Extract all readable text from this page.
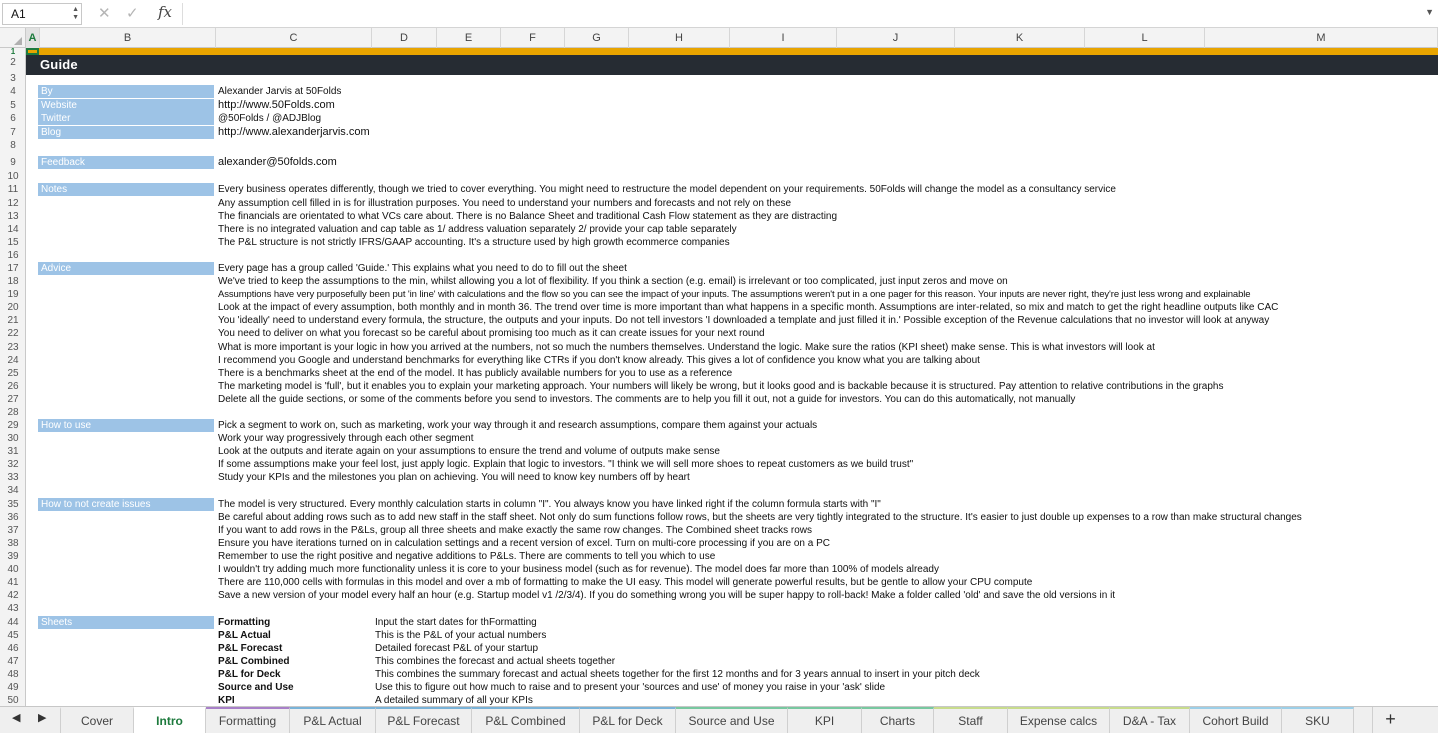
A1	▲
▼ ✕ ✓ fx	▼
A	B	C	D	E	F	G	H	I	J	K	L	M
1
2
3
4
5
6
7
8
9
10
11
12
13
14
15
16
17
18
19
20
21
22
23
24
25
26
27
28
29
30
31
32
33
34
35
36
37
38
39
40
41
42
43
44
45
46
47
48
49
50
Guide
By	Alexander Jarvis at 50Folds
Website	http://www.50Folds.com
Twitter	@50Folds / @ADJBlog
Blog	http://www.alexanderjarvis.com
Feedback	alexander@50folds.com
Notes	Every business operates differently, though we tried to cover everything. You might need to restructure the model dependent on your requirements. 50Folds will change the model as a consultancy service
Any assumption cell filled in is for illustration purposes. You need to understand your numbers and forecasts and not rely on these
The financials are orientated to what VCs care about. There is no Balance Sheet and traditional Cash Flow statement as they are distracting
There is no integrated valuation and cap table as 1/ address valuation separately 2/ provide your cap table separately
The P&L structure is not strictly IFRS/GAAP accounting. It's a structure used by high growth ecommerce companies
Advice	Every page has a group called 'Guide.' This explains what you need to do to fill out the sheet
We've tried to keep the assumptions to the min, whilst allowing you a lot of flexibility. If you think a section (e.g. email) is irrelevant or too complicated, just input zeros and move on
Assumptions have very purposefully been put 'in line' with calculations and the flow so you can see the impact of your inputs. The assumptions weren't put in a one pager for this reason. Your inputs are never right, they're just less wrong and explainable
Look at the impact of every assumption, both monthly and in month 36. The trend over time is more important than what happens in a specific month. Assumptions are inter-related, so mix and match to get the right headline outputs like CAC
You 'ideally' need to understand every formula, the structure, the outputs and your inputs. Do not tell investors 'I downloaded a template and just filled it in.' Possible exception of the Revenue calculations that no investor will look at anyway
You need to deliver on what you forecast so be careful about promising too much as it can create issues for your next round
What is more important is your logic in how you arrived at the numbers, not so much the numbers themselves. Understand the logic. Make sure the ratios (KPI sheet) make sense. This is what investors will look at
I recommend you Google and understand benchmarks for everything like CTRs if you don't know already. This gives a lot of confidence you know what you are talking about
There is a benchmarks sheet at the end of the model. It has publicly available numbers for you to use as a reference
The marketing model is 'full', but it enables you to explain your marketing approach. Your numbers will likely be wrong, but it looks good and is backable because it is structured. Pay attention to relative contributions in the graphs
Delete all the guide sections, or some of the comments before you send to investors. The comments are to help you fill it out, not a guide for investors. You can do this automatically, not manually
How to use	Pick a segment to work on, such as marketing, work your way through it and research assumptions, compare them against your actuals
Work your way progressively through each other segment
Look at the outputs and iterate again on your assumptions to ensure the trend and volume of outputs make sense
If some assumptions make your feel lost, just apply logic. Explain that logic to investors. "I think we will sell more shoes to repeat customers as we build trust"
Study your KPIs and the milestones you plan on achieving. You will need to know key numbers off by heart
How to not create issues	The model is very structured. Every monthly calculation starts in column "I". You always know you have linked right if the column formula starts with "I"
Be careful about adding rows such as to add new staff in the staff sheet. Not only do sum functions follow rows, but the sheets are very tightly integrated to the structure. It's easier to just double up expenses to a row than make structural changes
If you want to add rows in the P&Ls, group all three sheets and make exactly the same row changes. The Combined sheet tracks rows
Ensure you have iterations turned on in calculation settings and a recent version of excel. Turn on multi-core processing if you are on a PC
Remember to use the right positive and negative additions to P&Ls. There are comments to tell you which to use
I wouldn't try adding much more functionality unless it is core to your business model (such as for revenue). The model does far more than 100% of models already
There are 110,000 cells with formulas in this model and over a mb of formatting to make the UI easy. This model will generate powerful results, but be gentle to allow your CPU compute
Save a new version of your model every half an hour (e.g. Startup model v1 /2/3/4). If you do something wrong you will be super happy to roll-back! Make a folder called 'old' and save the old versions in it
Sheets	Formatting	Input the start dates for thFormatting
P&L Actual	This is the P&L of your actual numbers
P&L Forecast	Detailed forecast P&L of your startup
P&L Combined	This combines the forecast and actual sheets together
P&L for Deck	This combines the summary forecast and actual sheets together for the first 12 months and for 3 years annual to insert in your pitch deck
Source and Use	Use this to figure out how much to raise and to present your 'sources and use' of money you raise in your 'ask' slide
KPI	A detailed summary of all your KPIs
◀ ▶	Cover	Intro	Formatting	P&L Actual	P&L Forecast	P&L Combined	P&L for Deck	Source and Use	KPI	Charts	Staff	Expense calcs	D&A - Tax	Cohort Build	SKU	+
